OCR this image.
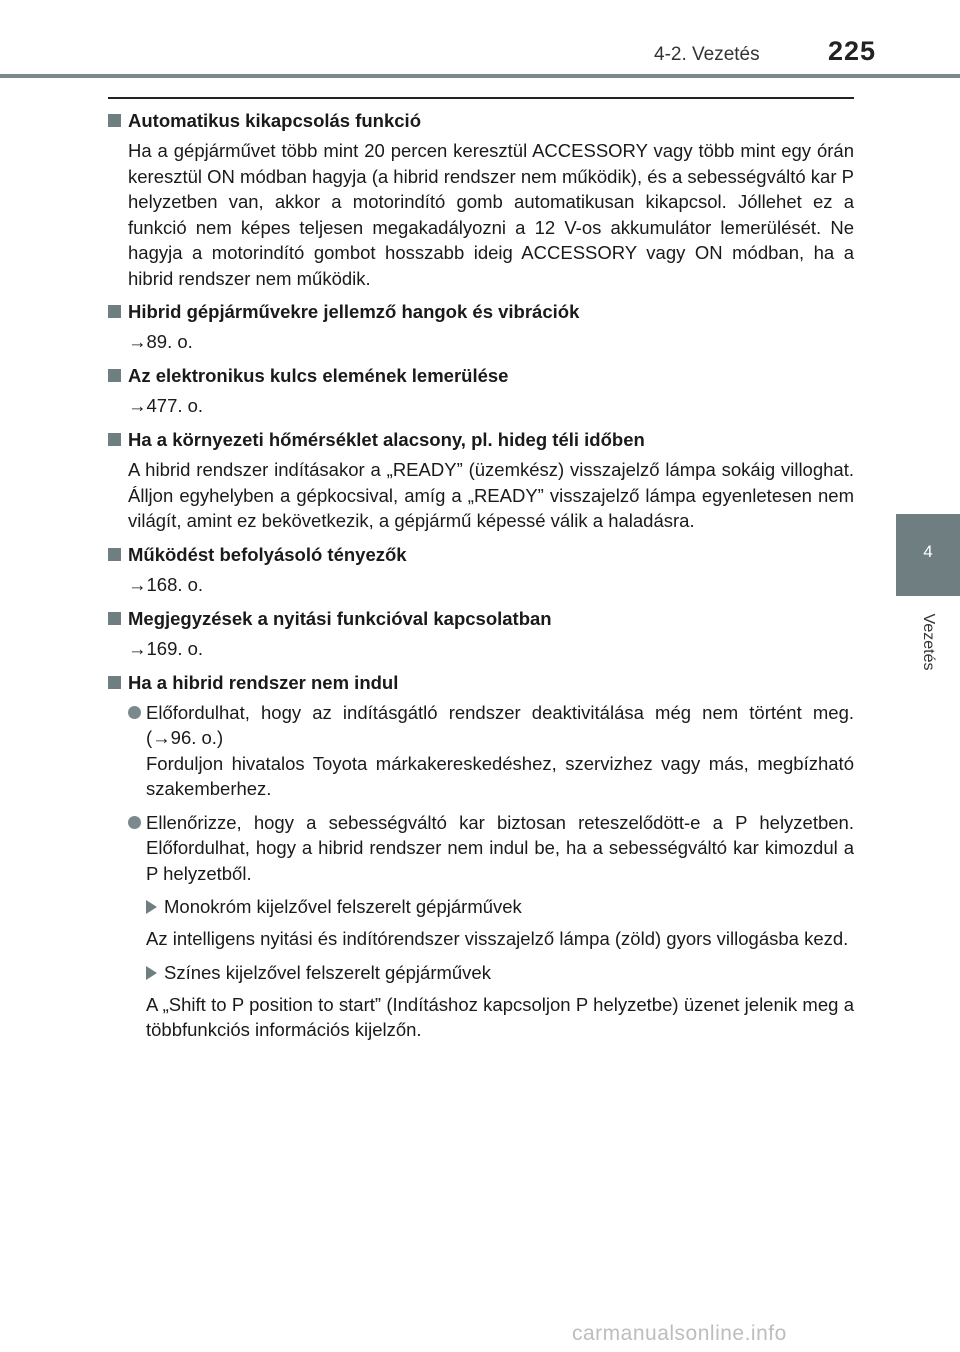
4-2. Vezetés	225
4
Vezetés
Automatikus kikapcsolás funkció
Ha a gépjárművet több mint 20 percen keresztül ACCESSORY vagy több mint egy órán keresztül ON módban hagyja (a hibrid rendszer nem működik), és a sebességváltó kar P helyzetben van, akkor a motorindító gomb automatikusan kikapcsol. Jóllehet ez a funkció nem képes teljesen megakadályozni a 12 V-os akkumulátor lemerülését. Ne hagyja a motorindító gombot hosszabb ideig ACCESSORY vagy ON módban, ha a hibrid rendszer nem működik.
Hibrid gépjárművekre jellemző hangok és vibrációk
→89. o.
Az elektronikus kulcs elemének lemerülése
→477. o.
Ha a környezeti hőmérséklet alacsony, pl. hideg téli időben
A hibrid rendszer indításakor a „READY” (üzemkész) visszajelző lámpa sokáig villoghat. Álljon egyhelyben a gépkocsival, amíg a „READY” visszajelző lámpa egyenletesen nem világít, amint ez bekövetkezik, a gépjármű képessé válik a haladásra.
Működést befolyásoló tényezők
→168. o.
Megjegyzések a nyitási funkcióval kapcsolatban
→169. o.
Ha a hibrid rendszer nem indul
Előfordulhat, hogy az indításgátló rendszer deaktivitálása még nem történt meg. (→96. o.)
Forduljon hivatalos Toyota márkakereskedéshez, szervizhez vagy más, megbízható szakemberhez.
Ellenőrizze, hogy a sebességváltó kar biztosan reteszelődött-e a P helyzetben. Előfordulhat, hogy a hibrid rendszer nem indul be, ha a sebességváltó kar kimozdul a P helyzetből.
Monokróm kijelzővel felszerelt gépjárművek
Az intelligens nyitási és indítórendszer visszajelző lámpa (zöld) gyors villogásba kezd.
Színes kijelzővel felszerelt gépjárművek
A „Shift to P position to start” (Indításhoz kapcsoljon P helyzetbe) üzenet jelenik meg a többfunkciós információs kijelzőn.
carmanualsonline.info
